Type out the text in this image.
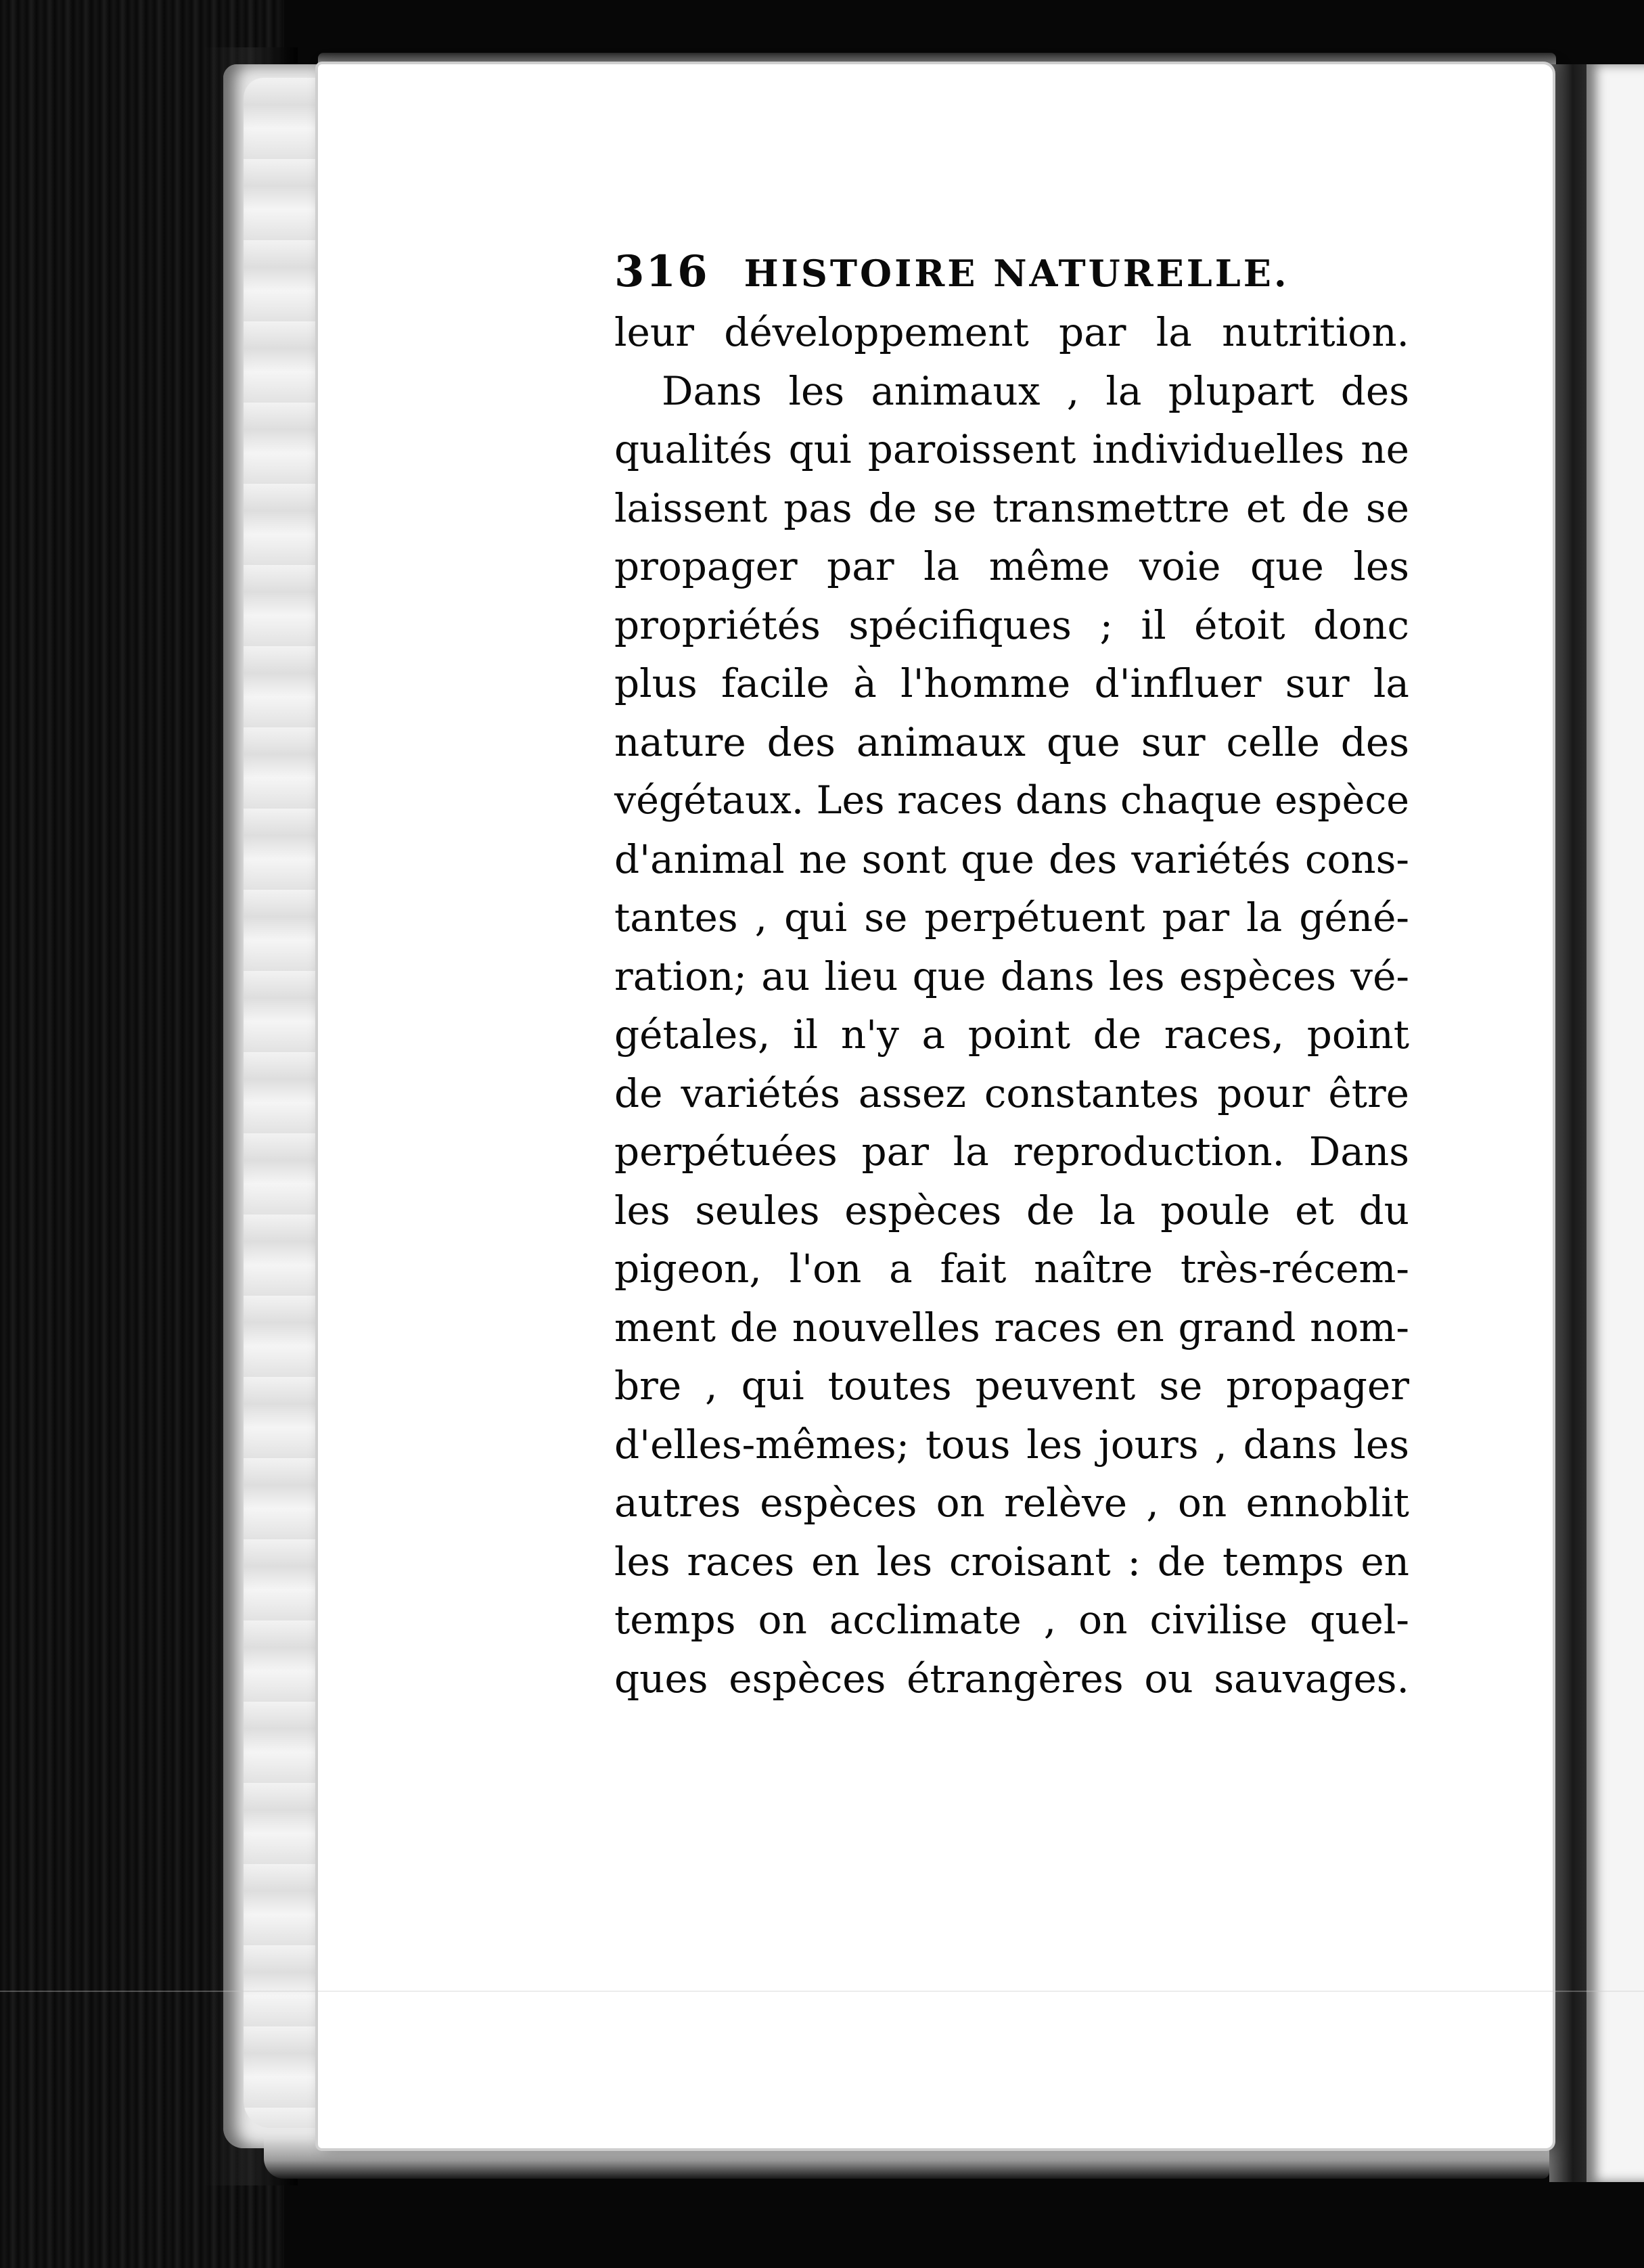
316 HISTOIRE NATURELLE.
leur développement par la nutrition.
Dans les animaux , la plupart des
qualités qui paroissent individuelles ne
laissent pas de se transmettre et de se
propager par la même voie que les
propriétés spécifiques ; il étoit donc
plus facile à l'homme d'influer sur la
nature des animaux que sur celle des
végétaux. Les races dans chaque espèce
d'animal ne sont que des variétés cons-
tantes , qui se perpétuent par la géné-
ration; au lieu que dans les espèces vé-
gétales, il n'y a point de races, point
de variétés assez constantes pour être
perpétuées par la reproduction. Dans
les seules espèces de la poule et du
pigeon, l'on a fait naître très-récem-
ment de nouvelles races en grand nom-
bre , qui toutes peuvent se propager
d'elles-mêmes; tous les jours , dans les
autres espèces on relève , on ennoblit
les races en les croisant : de temps en
temps on acclimate , on civilise quel-
ques espèces étrangères ou sauvages.
